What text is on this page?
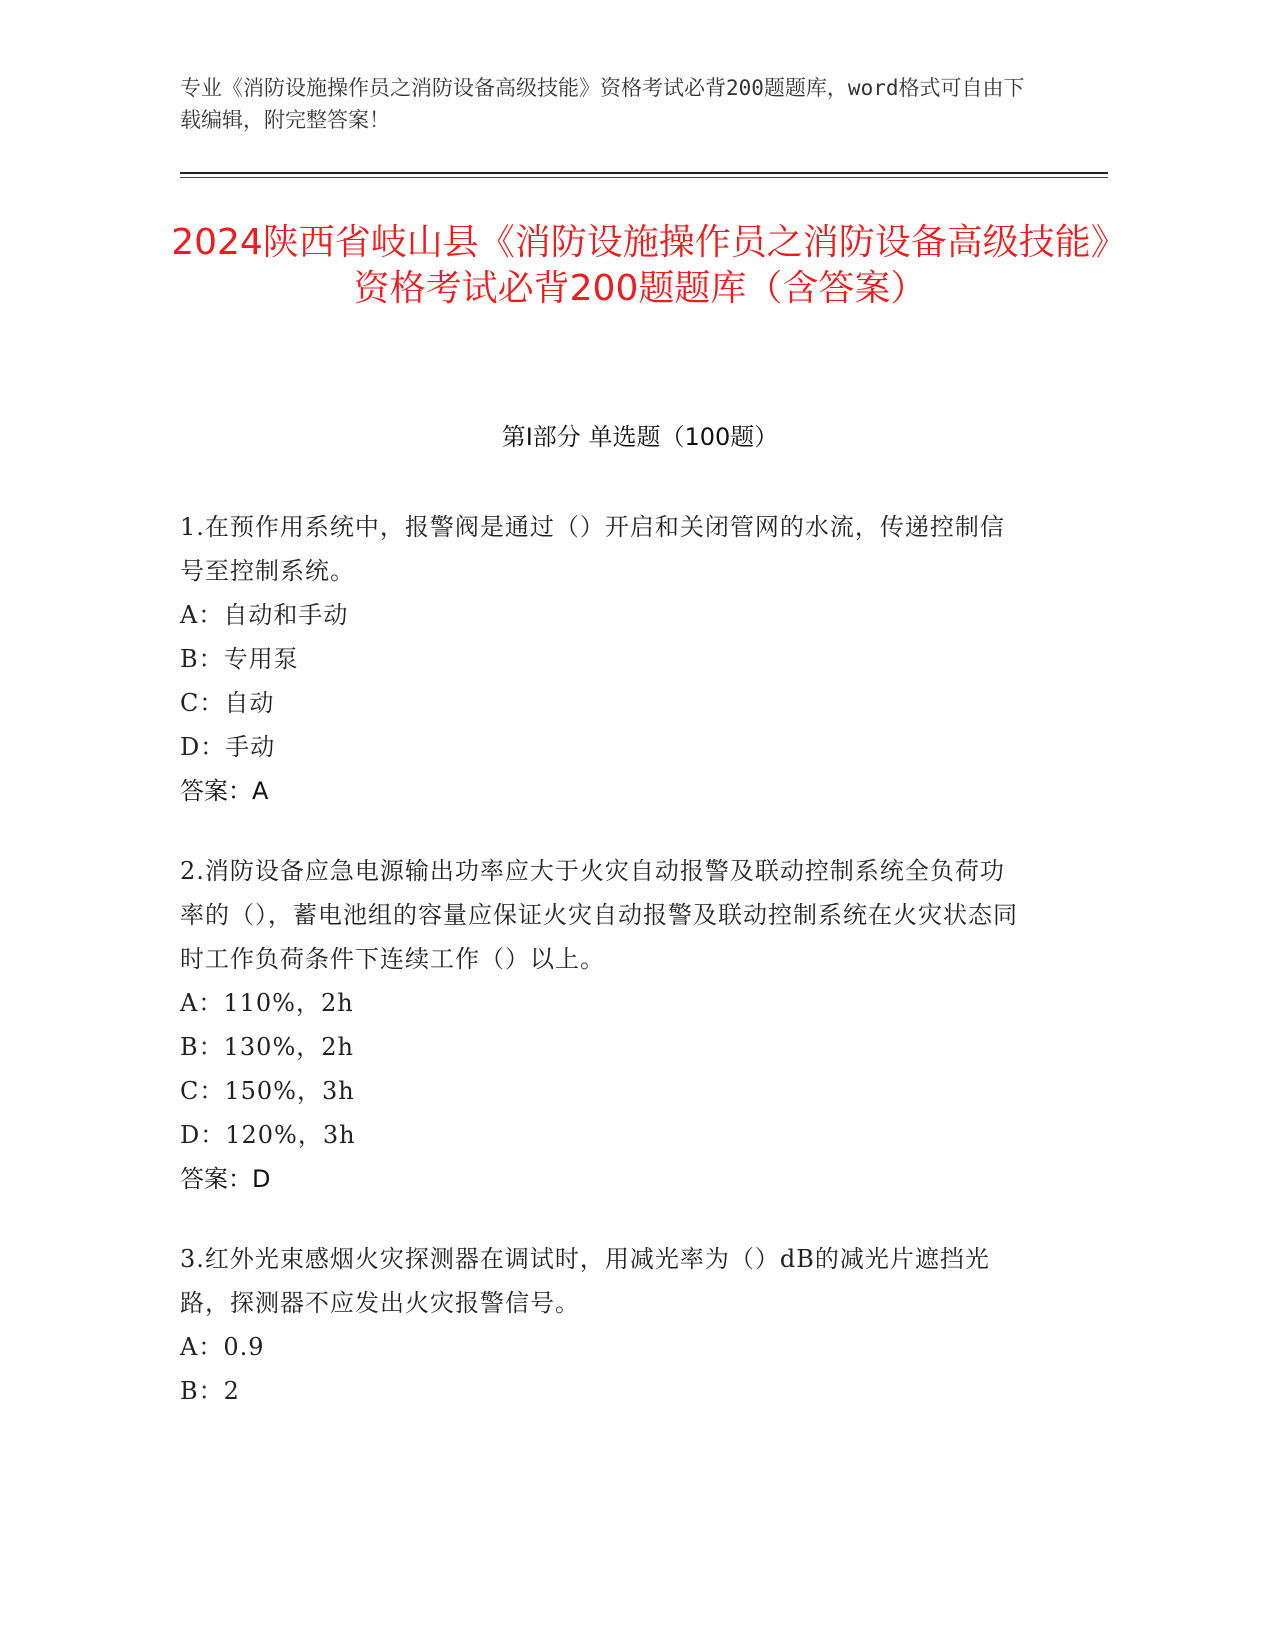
专业《消防设施操作员之消防设备高级技能》资格考试必背200题题库，word格式可自由下载编辑，附完整答案！
2024陕西省岐山县《消防设施操作员之消防设备高级技能》资格考试必背200题题库（含答案）
第I部分 单选题（100题）
1.在预作用系统中，报警阀是通过（）开启和关闭管网的水流，传递控制信号至控制系统。
A：自动和手动
B：专用泵
C：自动
D：手动
答案：A
2.消防设备应急电源输出功率应大于火灾自动报警及联动控制系统全负荷功率的（），蓄电池组的容量应保证火灾自动报警及联动控制系统在火灾状态同时工作负荷条件下连续工作（）以上。
A：110%，2h
B：130%，2h
C：150%，3h
D：120%，3h
答案：D
3.红外光束感烟火灾探测器在调试时，用减光率为（）dB的减光片遮挡光路，探测器不应发出火灾报警信号。
A：0.9
B：2
